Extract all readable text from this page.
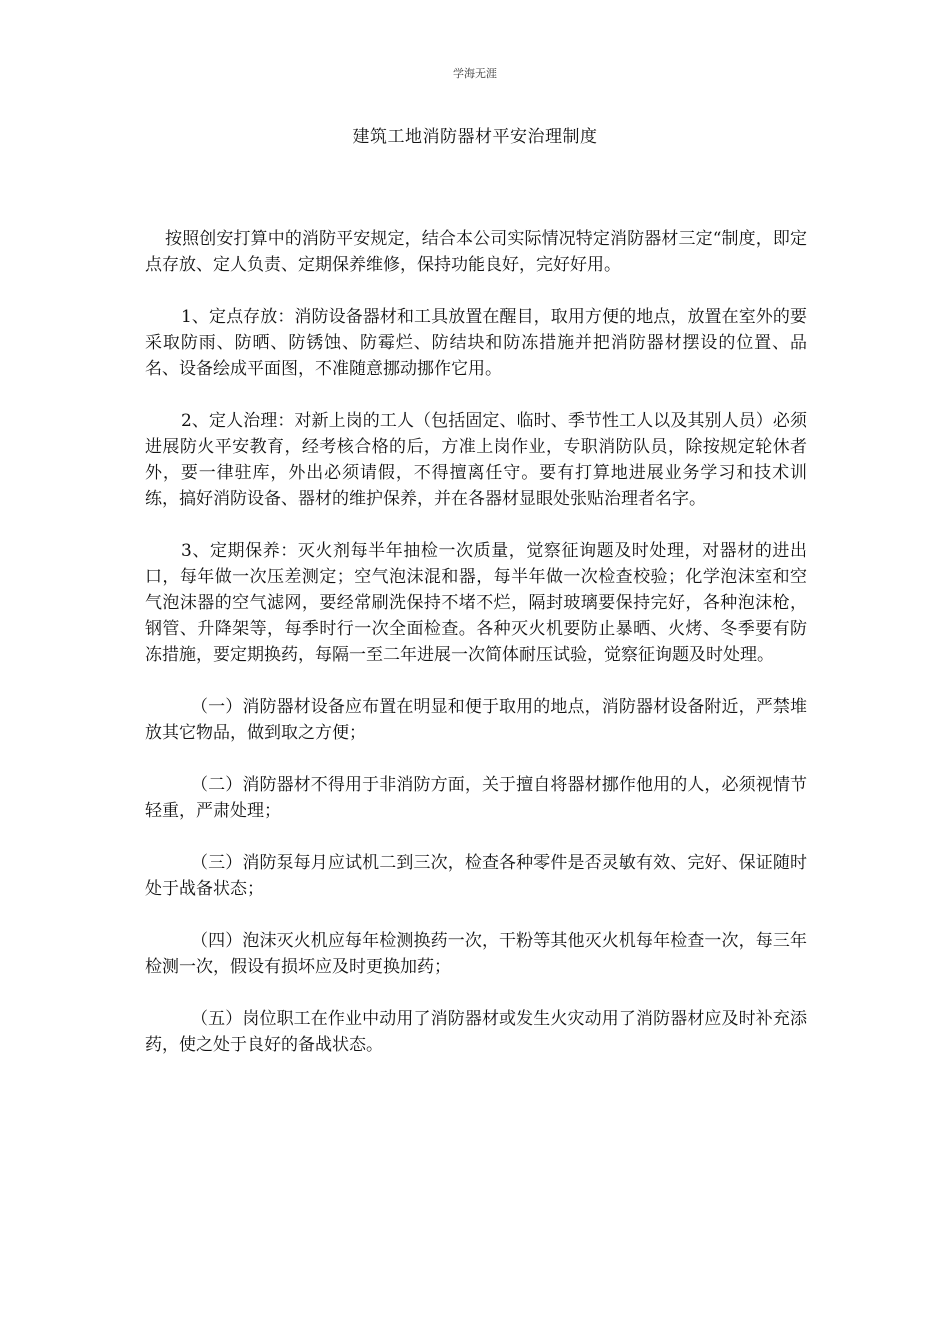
学海无涯
建筑工地消防器材平安治理制度

按照创安打算中的消防平安规定，结合本公司实际情况特定消防器材三定“制度，即定点存放、定人负责、定期保养维修，保持功能良好，完好好用。

1、定点存放：消防设备器材和工具放置在醒目，取用方便的地点，放置在室外的要采取防雨、防晒、防锈蚀、防霉烂、防结块和防冻措施并把消防器材摆设的位置、品名、设备绘成平面图，不准随意挪动挪作它用。

2、定人治理：对新上岗的工人（包括固定、临时、季节性工人以及其别人员）必须进展防火平安教育，经考核合格的后，方准上岗作业，专职消防队员，除按规定轮休者外，要一律驻库，外出必须请假，不得擅离任守。要有打算地进展业务学习和技术训练，搞好消防设备、器材的维护保养，并在各器材显眼处张贴治理者名字。

3、定期保养：灭火剂每半年抽检一次质量，觉察征询题及时处理，对器材的进出口，每年做一次压差测定；空气泡沫混和器，每半年做一次检查校验；化学泡沫室和空气泡沫器的空气滤网，要经常刷洗保持不堵不烂，隔封玻璃要保持完好，各种泡沫枪，钢管、升降架等，每季时行一次全面检查。各种灭火机要防止暴晒、火烤、冬季要有防冻措施，要定期换药，每隔一至二年进展一次简体耐压试验，觉察征询题及时处理。

（一）消防器材设备应布置在明显和便于取用的地点，消防器材设备附近，严禁堆放其它物品，做到取之方便；

（二）消防器材不得用于非消防方面，关于擅自将器材挪作他用的人，必须视情节轻重，严肃处理；

（三）消防泵每月应试机二到三次，检查各种零件是否灵敏有效、完好、保证随时处于战备状态；

（四）泡沫灭火机应每年检测换药一次，干粉等其他灭火机每年检查一次，每三年检测一次，假设有损坏应及时更换加药；

（五）岗位职工在作业中动用了消防器材或发生火灾动用了消防器材应及时补充添药，使之处于良好的备战状态。
